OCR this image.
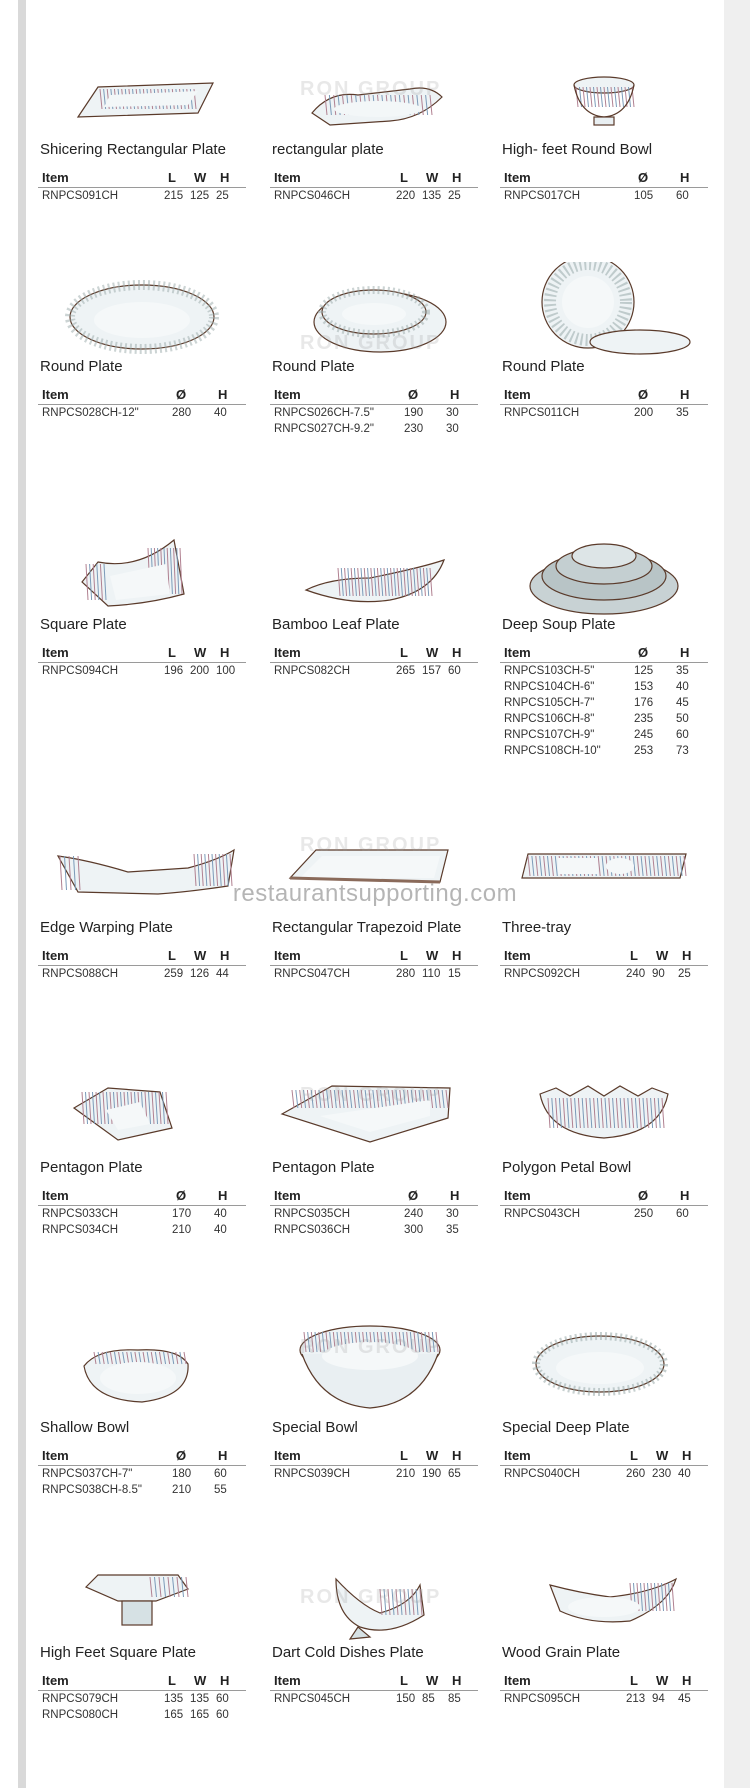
Shicering Rectangular Plate
Item	L W H
RNPCS091CH	215 125 25
rectangular plate
Item	L W H
RNPCS046CH	220 135 25
High- feet Round Bowl
Item	Ø H
RNPCS017CH	105 60
Round Plate
Item	Ø H
RNPCS028CH-12"	280 40
Round Plate
Item	Ø H
RNPCS026CH-7.5"	190 30
RNPCS027CH-9.2"	230 30
Round Plate
Item	Ø H
RNPCS011CH	200 35
Square Plate
Item	L W H
RNPCS094CH	196 200 100
Bamboo Leaf Plate
Item	L W H
RNPCS082CH	265 157 60
Deep Soup Plate
Item	Ø H
RNPCS103CH-5"	125 35
RNPCS104CH-6"	153 40
RNPCS105CH-7"	176 45
RNPCS106CH-8"	235 50
RNPCS107CH-9"	245 60
RNPCS108CH-10"	253 73
Edge Warping Plate
Item	L W H
RNPCS088CH	259 126 44
Rectangular Trapezoid Plate
Item	L W H
RNPCS047CH	280 110 15
Three-tray
Item	L W H
RNPCS092CH	240 90 25
Pentagon Plate
Item	Ø H
RNPCS033CH	170 40
RNPCS034CH	210 40
Pentagon Plate
Item	Ø H
RNPCS035CH	240 30
RNPCS036CH	300 35
Polygon Petal Bowl
Item	Ø H
RNPCS043CH	250 60
Shallow Bowl
Item	Ø H
RNPCS037CH-7"	180 60
RNPCS038CH-8.5"	210 55
Special Bowl
Item	L W H
RNPCS039CH	210 190 65
Special Deep Plate
Item	L W H
RNPCS040CH	260 230 40
High Feet Square Plate
Item	L W H
RNPCS079CH	135 135 60
RNPCS080CH	165 165 60
Dart Cold Dishes Plate
Item	L W H
RNPCS045CH	150 85 85
Wood Grain Plate
Item	L W H
RNPCS095CH	213 94 45
RON GROUP
RON GROUP
RON GROUP
RON GROUP
RON GROUP
RON GROUP
restaurantsupporting.com
